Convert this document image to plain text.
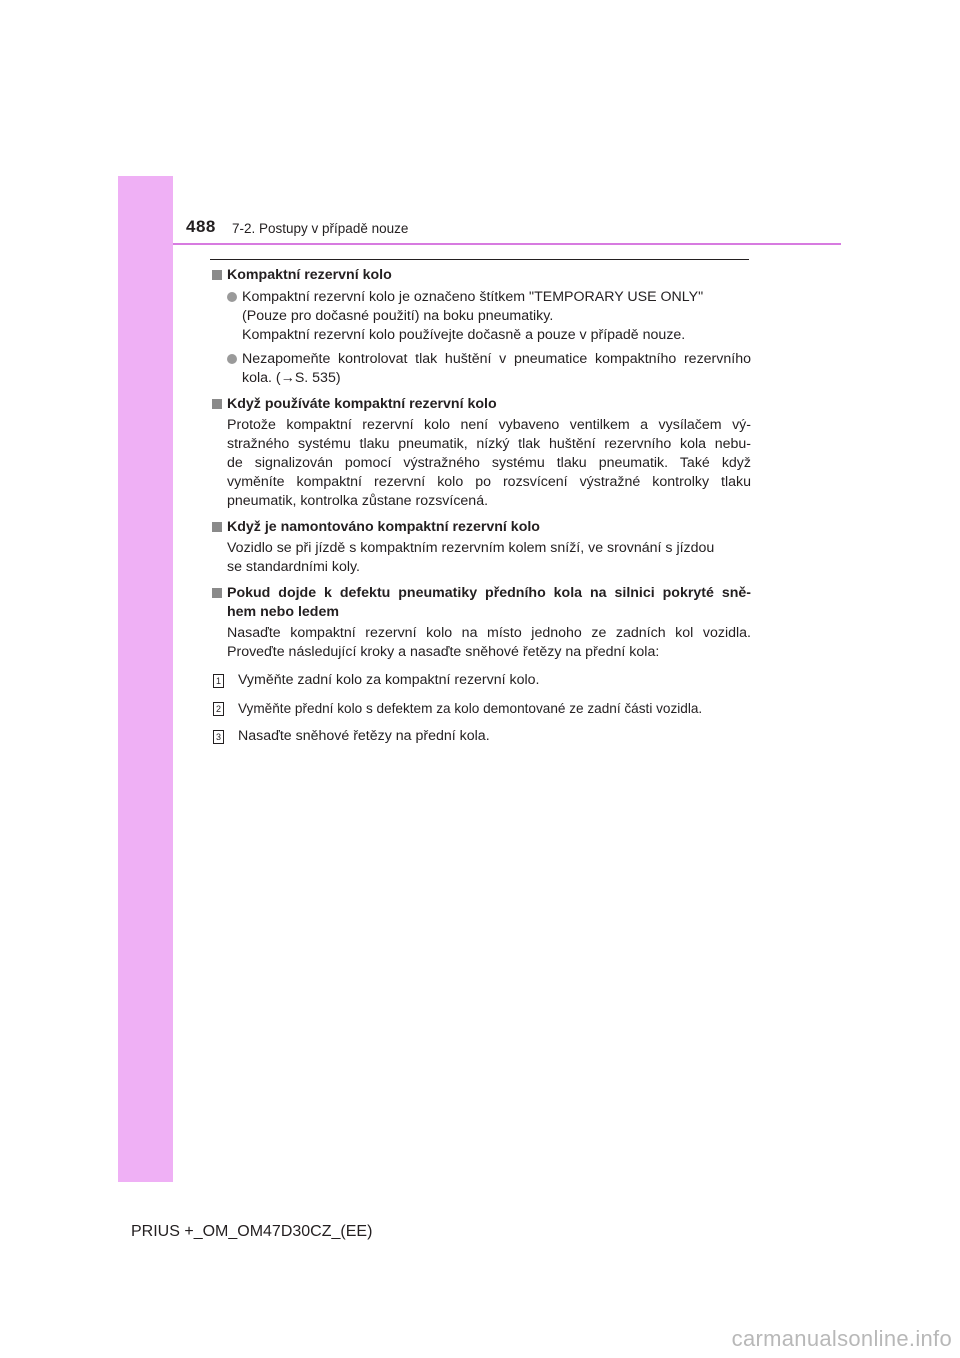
488 7-2. Postupy v případě nouze
Kompaktní rezervní kolo
Kompaktní rezervní kolo je označeno štítkem "TEMPORARY USE ONLY"
(Pouze pro dočasné použití) na boku pneumatiky.
Kompaktní rezervní kolo používejte dočasně a pouze v případě nouze.
Nezapomeňte kontrolovat tlak huštění v pneumatice kompaktního rezervního
kola. (→S. 535)
Když používáte kompaktní rezervní kolo
Protože kompaktní rezervní kolo není vybaveno ventilkem a vysílačem vý-
stražného systému tlaku pneumatik, nízký tlak huštění rezervního kola nebu-
de signalizován pomocí výstražného systému tlaku pneumatik. Také když
vyměníte kompaktní rezervní kolo po rozsvícení výstražné kontrolky tlaku
pneumatik, kontrolka zůstane rozsvícená.
Když je namontováno kompaktní rezervní kolo
Vozidlo se při jízdě s kompaktním rezervním kolem sníží, ve srovnání s jízdou
se standardními koly.
Pokud dojde k defektu pneumatiky předního kola na silnici pokryté sně-
hem nebo ledem
Nasaďte kompaktní rezervní kolo na místo jednoho ze zadních kol vozidla.
Proveďte následující kroky a nasaďte sněhové řetězy na přední kola:
1 Vyměňte zadní kolo za kompaktní rezervní kolo.
2 Vyměňte přední kolo s defektem za kolo demontované ze zadní části vozidla.
3 Nasaďte sněhové řetězy na přední kola.
PRIUS +_OM_OM47D30CZ_(EE)
carmanualsonline.info
